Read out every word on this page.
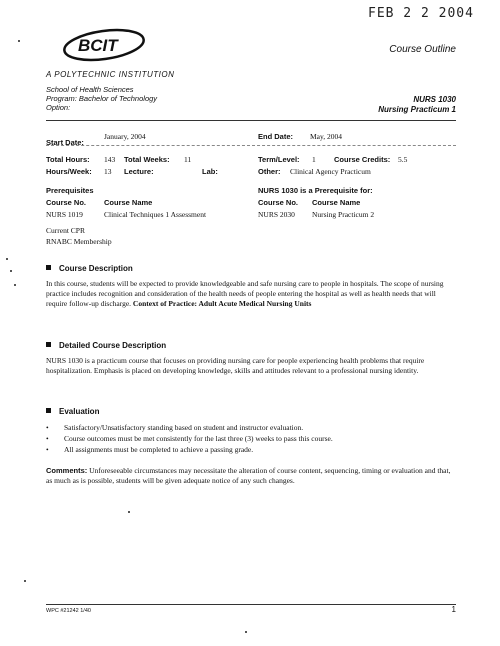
FEB 2 2 2004
BCIT
A POLYTECHNIC INSTITUTION
School of Health Sciences
Program: Bachelor of Technology
Option:
Course Outline
NURS 1030
Nursing Practicum 1
Start Date:
January, 2004	End Date: May, 2004
Total Hours: 143 Total Weeks: 11	Term/Level: 1 Course Credits: 5.5
Hours/Week: 13 Lecture:	Lab:	Other: Clinical Agency Practicum
Prerequisites	NURS 1030 is a Prerequisite for:
Course No. Course Name	Course No. Course Name
NURS 1019	Clinical Techniques 1 Assessment	NURS 2030 Nursing Practicum 2
Current CPR
RNABC Membership
Course Description
In this course, students will be expected to provide knowledgeable and safe nursing care to people in hospitals. The scope of nursing practice includes recognition and consideration of the health needs of people entering the hospital as well as health needs that will require follow-up discharge. Context of Practice: Adult Acute Medical Nursing Units
Detailed Course Description
NURS 1030 is a practicum course that focuses on providing nursing care for people experiencing health problems that require hospitalization. Emphasis is placed on developing knowledge, skills and attitudes relevant to a professional nursing identity.
Evaluation
• Satisfactory/Unsatisfactory standing based on student and instructor evaluation.
• Course outcomes must be met consistently for the last three (3) weeks to pass this course.
• All assignments must be completed to achieve a passing grade.
Comments: Unforeseeable circumstances may necessitate the alteration of course content, sequencing, timing or evaluation and that, as much as is possible, students will be given adequate notice of any such changes.
WPC #21242 1/40	1
